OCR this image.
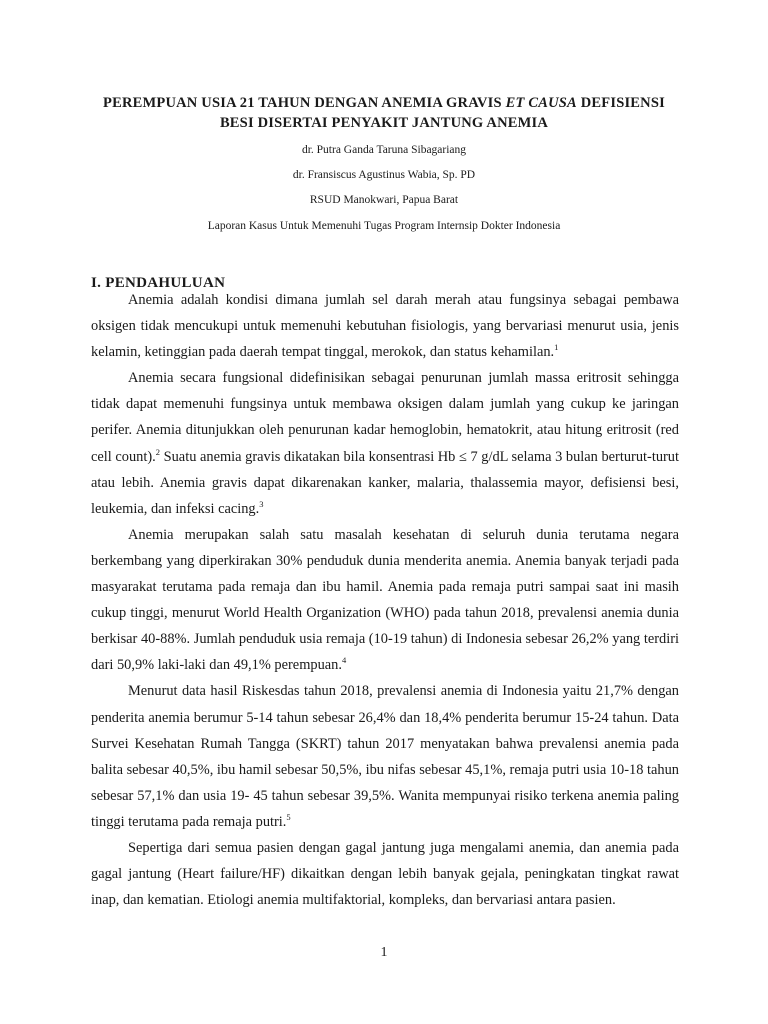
PEREMPUAN USIA 21 TAHUN DENGAN ANEMIA GRAVIS ET CAUSA DEFISIENSI
BESI DISERTAI PENYAKIT JANTUNG ANEMIA
dr. Putra Ganda Taruna Sibagariang
dr. Fransiscus Agustinus Wabia, Sp. PD
RSUD Manokwari, Papua Barat
Laporan Kasus Untuk Memenuhi Tugas Program Internsip Dokter Indonesia
I. PENDAHULUAN

Anemia adalah kondisi dimana jumlah sel darah merah atau fungsinya sebagai pembawa oksigen tidak mencukupi untuk memenuhi kebutuhan fisiologis, yang bervariasi menurut usia, jenis kelamin, ketinggian pada daerah tempat tinggal, merokok, dan status kehamilan.$^1$

Anemia secara fungsional didefinisikan sebagai penurunan jumlah massa eritrosit sehingga tidak dapat memenuhi fungsinya untuk membawa oksigen dalam jumlah yang cukup ke jaringan perifer. Anemia ditunjukkan oleh penurunan kadar hemoglobin, hematokrit, atau hitung eritrosit (red cell count).$^2$ Suatu anemia gravis dikatakan bila konsentrasi Hb ≤ 7 g/dL selama 3 bulan berturut-turut atau lebih. Anemia gravis dapat dikarenakan kanker, malaria, thalassemia mayor, defisiensi besi, leukemia, dan infeksi cacing.$^3$

Anemia merupakan salah satu masalah kesehatan di seluruh dunia terutama negara berkembang yang diperkirakan 30% penduduk dunia menderita anemia. Anemia banyak terjadi pada masyarakat terutama pada remaja dan ibu hamil. Anemia pada remaja putri sampai saat ini masih cukup tinggi, menurut World Health Organization (WHO) pada tahun 2018, prevalensi anemia dunia berkisar 40-88%. Jumlah penduduk usia remaja (10-19 tahun) di Indonesia sebesar 26,2% yang terdiri dari 50,9% laki-laki dan 49,1% perempuan.$^4$

Menurut data hasil Riskesdas tahun 2018, prevalensi anemia di Indonesia yaitu 21,7% dengan penderita anemia berumur 5-14 tahun sebesar 26,4% dan 18,4% penderita berumur 15-24 tahun. Data Survei Kesehatan Rumah Tangga (SKRT) tahun 2017 menyatakan bahwa prevalensi anemia pada balita sebesar 40,5%, ibu hamil sebesar 50,5%, ibu nifas sebesar 45,1%, remaja putri usia 10-18 tahun sebesar 57,1% dan usia 19- 45 tahun sebesar 39,5%. Wanita mempunyai risiko terkena anemia paling tinggi terutama pada remaja putri.$^5$

Sepertiga dari semua pasien dengan gagal jantung juga mengalami anemia, dan anemia pada gagal jantung (Heart failure/HF) dikaitkan dengan lebih banyak gejala, peningkatan tingkat rawat inap, dan kematian. Etiologi anemia multifaktorial, kompleks, dan bervariasi antara pasien.

1
